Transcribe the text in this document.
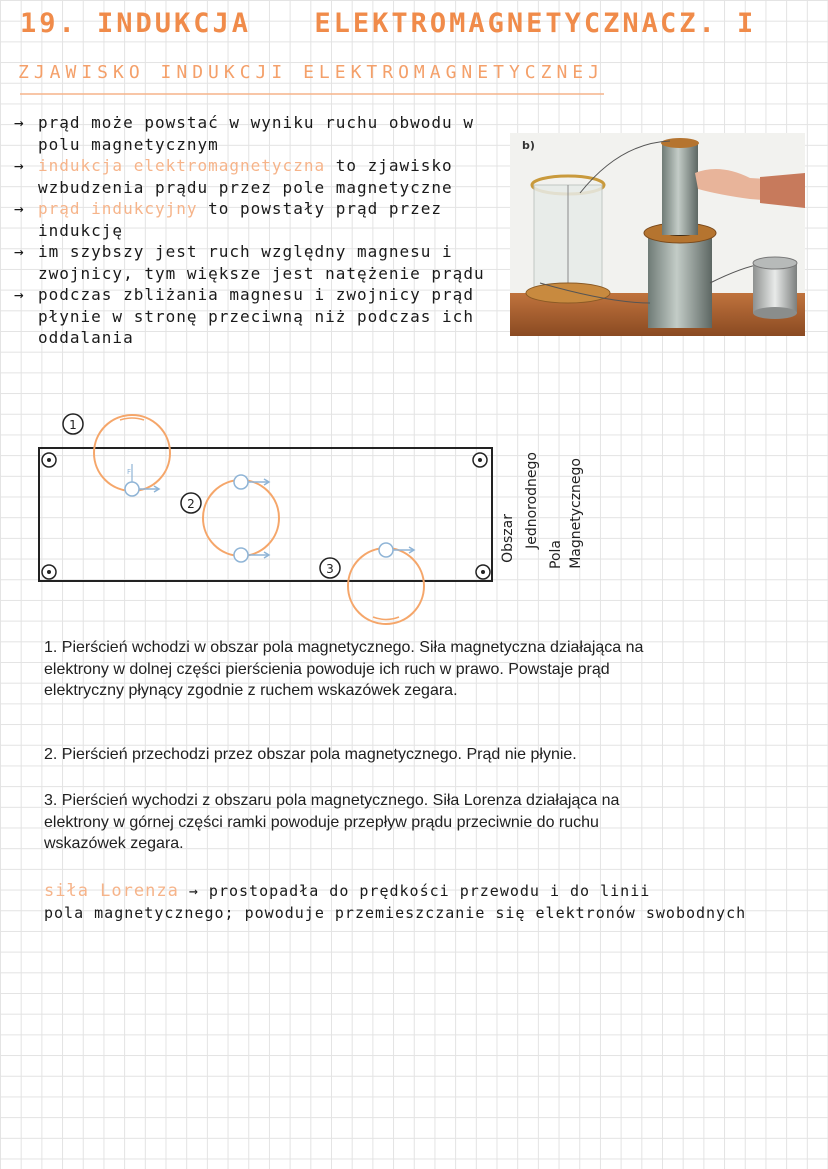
19. INDUKCJA ELEKTROMAGNETYCZNA CZ. I
ZJAWISKO INDUKCJI ELEKTROMAGNETYCZNEJ
→ prąd może powstać w wyniku ruchu obwodu w polu magnetycznym
→ indukcja elektromagnetyczna to zjawisko wzbudzenia prądu przez pole magnetyczne
→ prąd indukcyjny to powstały prąd przez indukcję
→ im szybszy jest ruch względny magnesu i zwojnicy, tym większe jest natężenie prądu
→ podczas zbliżania magnesu i zwojnicy prąd płynie w stronę przeciwną niż podczas ich oddalania
b)
F
1
2
3
Obszar Jednorodnego
Pola Magnetycznego
1. Pierścień wchodzi w obszar pola magnetycznego. Siła magnetyczna działająca na elektrony w dolnej części pierścienia powoduje ich ruch w prawo. Powstaje prąd elektryczny płynący zgodnie z ruchem wskazówek zegara.
2. Pierścień przechodzi przez obszar pola magnetycznego. Prąd nie płynie.
3. Pierścień wychodzi z obszaru pola magnetycznego. Siła Lorenza działająca na elektrony w górnej części ramki powoduje przepływ prądu przeciwnie do ruchu wskazówek zegara.
siła Lorenza → prostopadła do prędkości przewodu i do linii
pola magnetycznego; powoduje przemieszczanie się elektronów swobodnych
